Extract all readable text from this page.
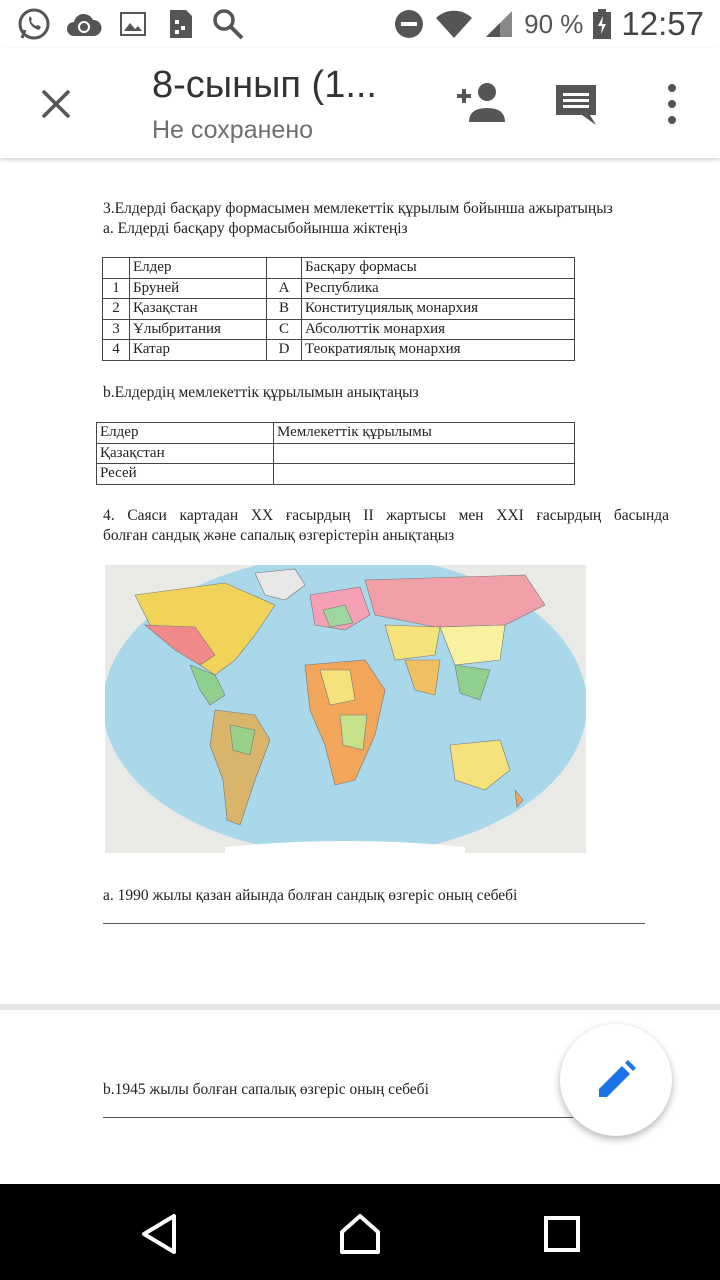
90 % 12:57
8-сынып (1...
Не сохранено
3.Елдерді басқару формасымен мемлекеттік құрылым бойынша ажыратыңыз
a. Елдерді басқару формасыбойынша жіктеңіз
	Елдер		Басқару формасы
1	Бруней	A	Республика
2	Қазақстан	B	Конституциялық монархия
3	Ұлыбритания	C	Абсолюттік монархия
4	Катар	D	Теократиялық монархия
b.Елдердің мемлекеттік құрылымын анықтаңыз
Елдер	Мемлекеттік құрылымы
Қазақстан	
Ресей	
4. Саяси картадан ХХ ғасырдың ІІ жартысы мен ХХІ ғасырдың басында
болған сандық және сапалық өзгерістерін анықтаңыз
a. 1990 жылы қазан айында болған сандық өзгеріс оның себебі
b.1945 жылы болған сапалық өзгеріс оның себебі
